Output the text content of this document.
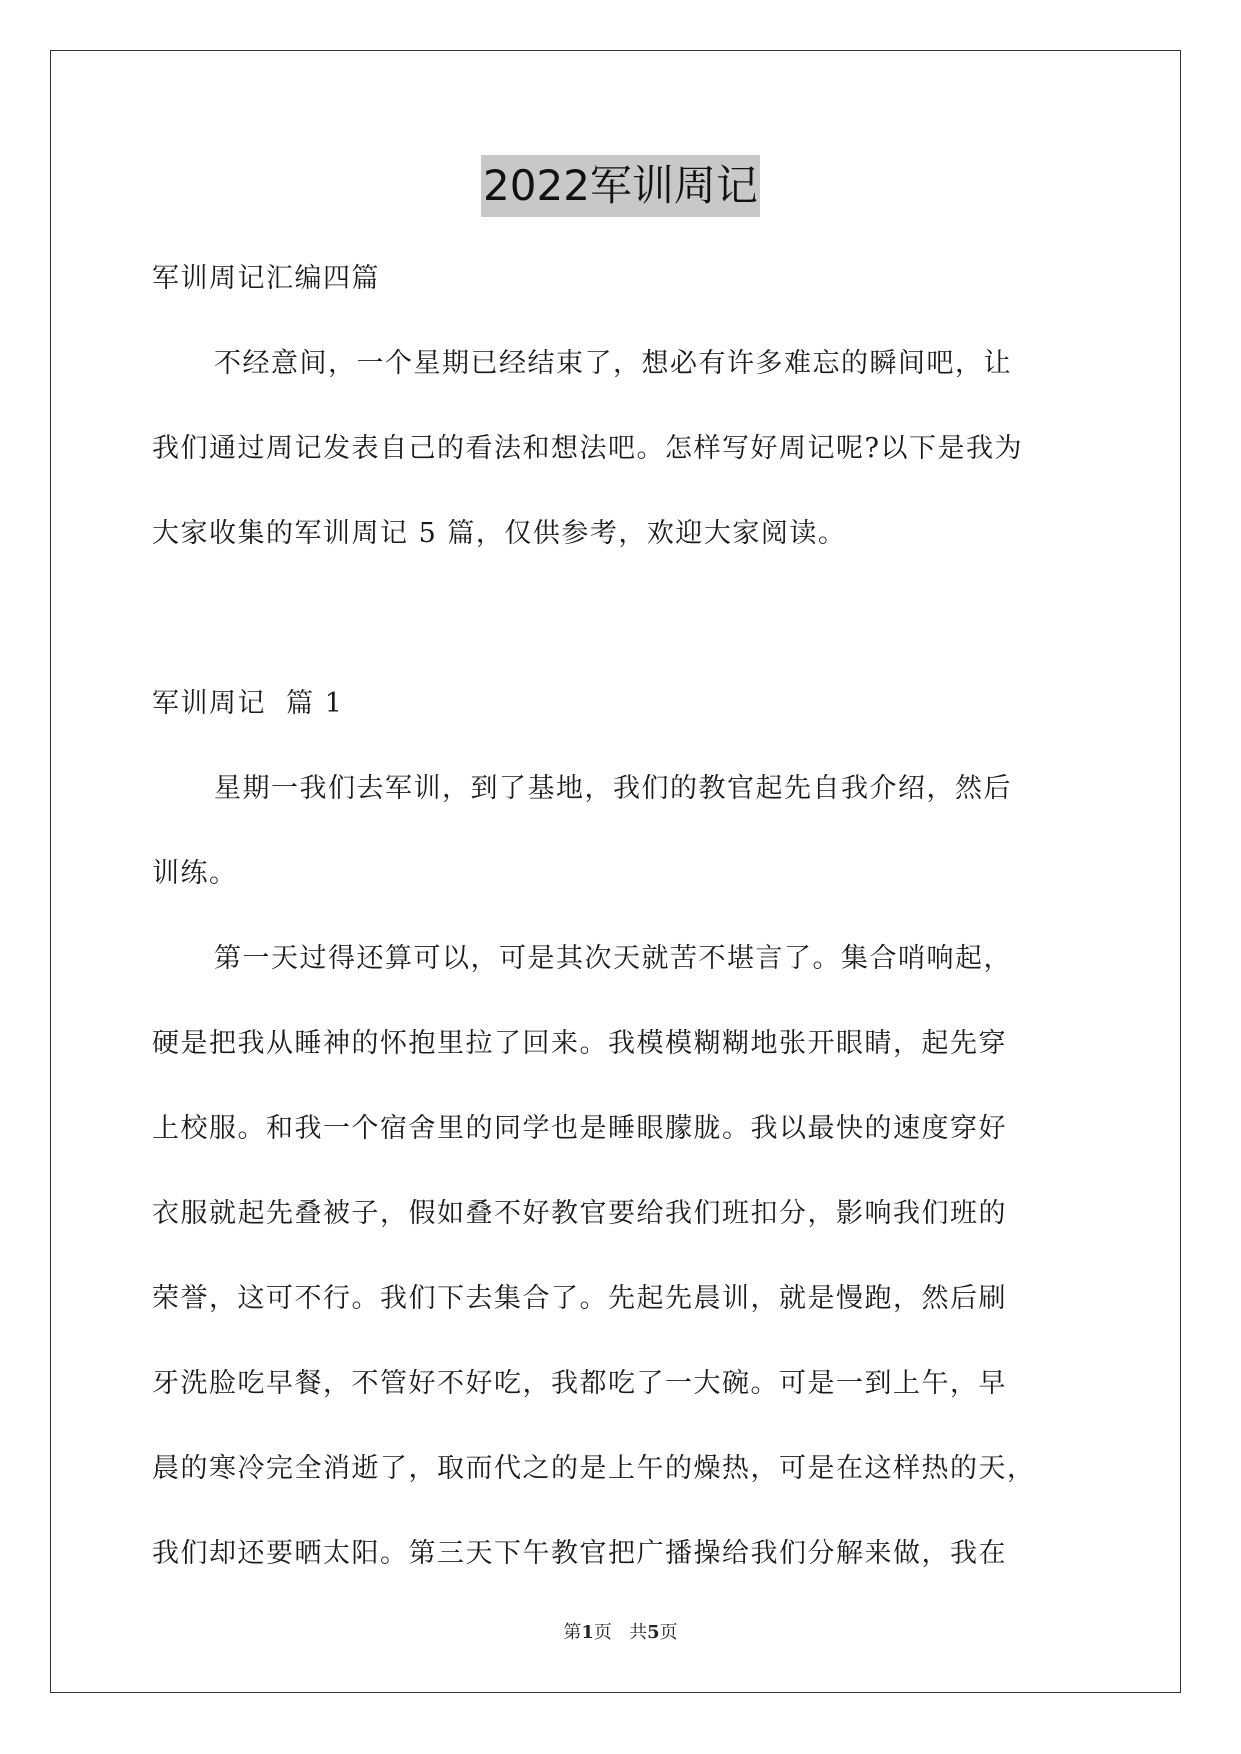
2022军训周记
军训周记汇编四篇
不经意间，一个星期已经结束了，想必有许多难忘的瞬间吧，让
我们通过周记发表自己的看法和想法吧。怎样写好周记呢?以下是我为
大家收集的军训周记 5 篇，仅供参考，欢迎大家阅读。
军训周记  篇 1
星期一我们去军训，到了基地，我们的教官起先自我介绍，然后
训练。
第一天过得还算可以，可是其次天就苦不堪言了。集合哨响起，
硬是把我从睡神的怀抱里拉了回来。我模模糊糊地张开眼睛，起先穿
上校服。和我一个宿舍里的同学也是睡眼朦胧。我以最快的速度穿好
衣服就起先叠被子，假如叠不好教官要给我们班扣分，影响我们班的
荣誉，这可不行。我们下去集合了。先起先晨训，就是慢跑，然后刷
牙洗脸吃早餐，不管好不好吃，我都吃了一大碗。可是一到上午，早
晨的寒冷完全消逝了，取而代之的是上午的燥热，可是在这样热的天，
我们却还要晒太阳。第三天下午教官把广播操给我们分解来做，我在
第1页   共5页
